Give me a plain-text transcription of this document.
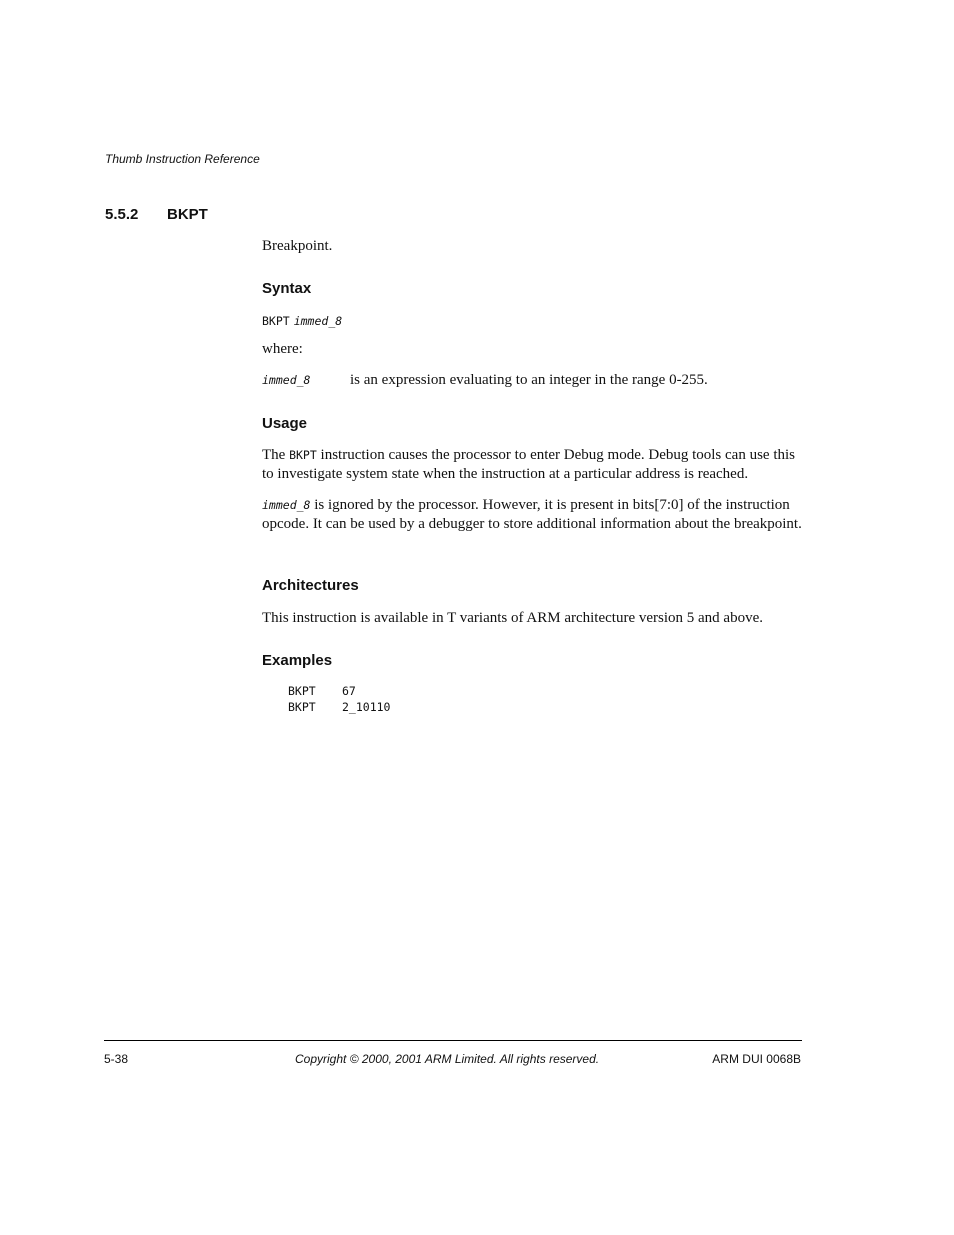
Thumb Instruction Reference
5.5.2 BKPT
Breakpoint.
Syntax
BKPT immed_8
where:
immed_8	is an expression evaluating to an integer in the range 0-255.
Usage
The BKPT instruction causes the processor to enter Debug mode. Debug tools can use this to investigate system state when the instruction at a particular address is reached.
immed_8 is ignored by the processor. However, it is present in bits[7:0] of the instruction opcode. It can be used by a debugger to store additional information about the breakpoint.
Architectures
This instruction is available in T variants of ARM architecture version 5 and above.
Examples
BKPT 67
BKPT 2_10110
5-38	Copyright © 2000, 2001 ARM Limited. All rights reserved.	ARM DUI 0068B
